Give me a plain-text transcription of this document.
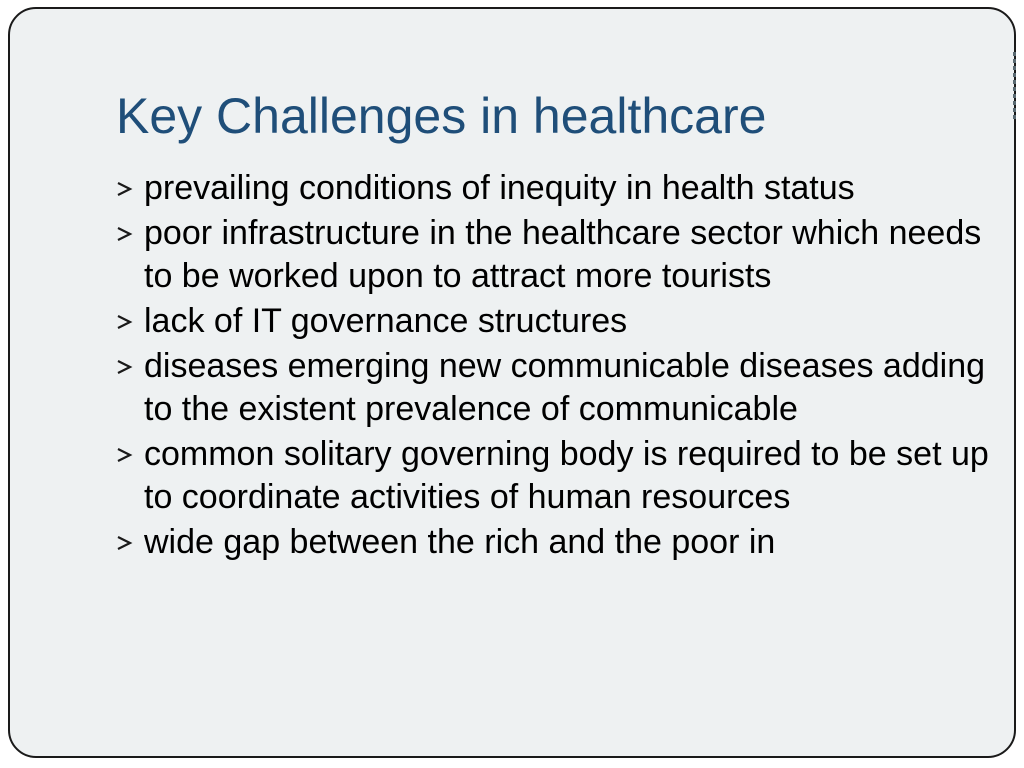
Key Challenges in healthcare
prevailing conditions of inequity in health status
poor infrastructure in the healthcare sector which needs to be worked upon to attract more tourists
lack of IT governance structures
diseases emerging new communicable diseases adding to the existent prevalence of communicable
common solitary governing body is required to be set up to coordinate activities of human resources
wide gap between the rich and the poor in
